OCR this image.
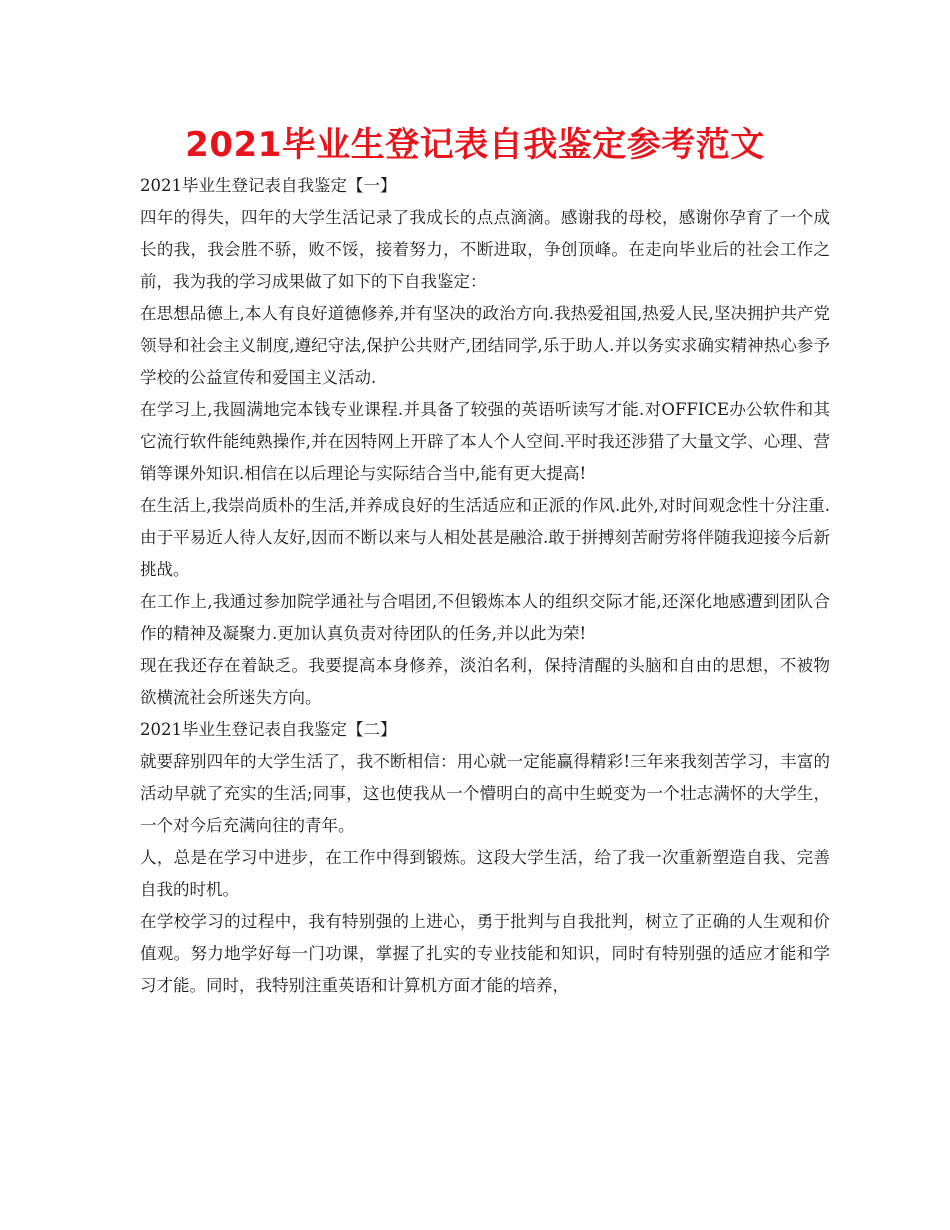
2021毕业生登记表自我鉴定参考范文

2021毕业生登记表自我鉴定【一】

四年的得失，四年的大学生活记录了我成长的点点滴滴。感谢我的母校，感谢你孕育了一个成长的我，我会胜不骄，败不馁，接着努力，不断进取，争创顶峰。在走向毕业后的社会工作之前，我为我的学习成果做了如下的下自我鉴定：

在思想品德上,本人有良好道德修养,并有坚决的政治方向.我热爱祖国,热爱人民,坚决拥护共产党领导和社会主义制度,遵纪守法,保护公共财产,团结同学,乐于助人.并以务实求确实精神热心参予学校的公益宣传和爱国主义活动.

在学习上,我圆满地完本钱专业课程.并具备了较强的英语听读写才能.对OFFICE办公软件和其它流行软件能纯熟操作,并在因特网上开辟了本人个人空间.平时我还涉猎了大量文学、心理、营销等课外知识.相信在以后理论与实际结合当中,能有更大提高!

在生活上,我崇尚质朴的生活,并养成良好的生活适应和正派的作风.此外,对时间观念性十分注重.由于平易近人待人友好,因而不断以来与人相处甚是融洽.敢于拼搏刻苦耐劳将伴随我迎接今后新挑战。

在工作上,我通过参加院学通社与合唱团,不但锻炼本人的组织交际才能,还深化地感遭到团队合作的精神及凝聚力.更加认真负责对待团队的任务,并以此为荣!

现在我还存在着缺乏。我要提高本身修养，淡泊名利，保持清醒的头脑和自由的思想，不被物欲横流社会所迷失方向。

2021毕业生登记表自我鉴定【二】

就要辞别四年的大学生活了，我不断相信：用心就一定能赢得精彩!三年来我刻苦学习，丰富的活动早就了充实的生活;同事，这也使我从一个懵明白的高中生蜕变为一个壮志满怀的大学生，一个对今后充满向往的青年。

人，总是在学习中进步，在工作中得到锻炼。这段大学生活，给了我一次重新塑造自我、完善自我的时机。

在学校学习的过程中，我有特别强的上进心，勇于批判与自我批判，树立了正确的人生观和价值观。努力地学好每一门功课，掌握了扎实的专业技能和知识，同时有特别强的适应才能和学习才能。同时，我特别注重英语和计算机方面才能的培养，
